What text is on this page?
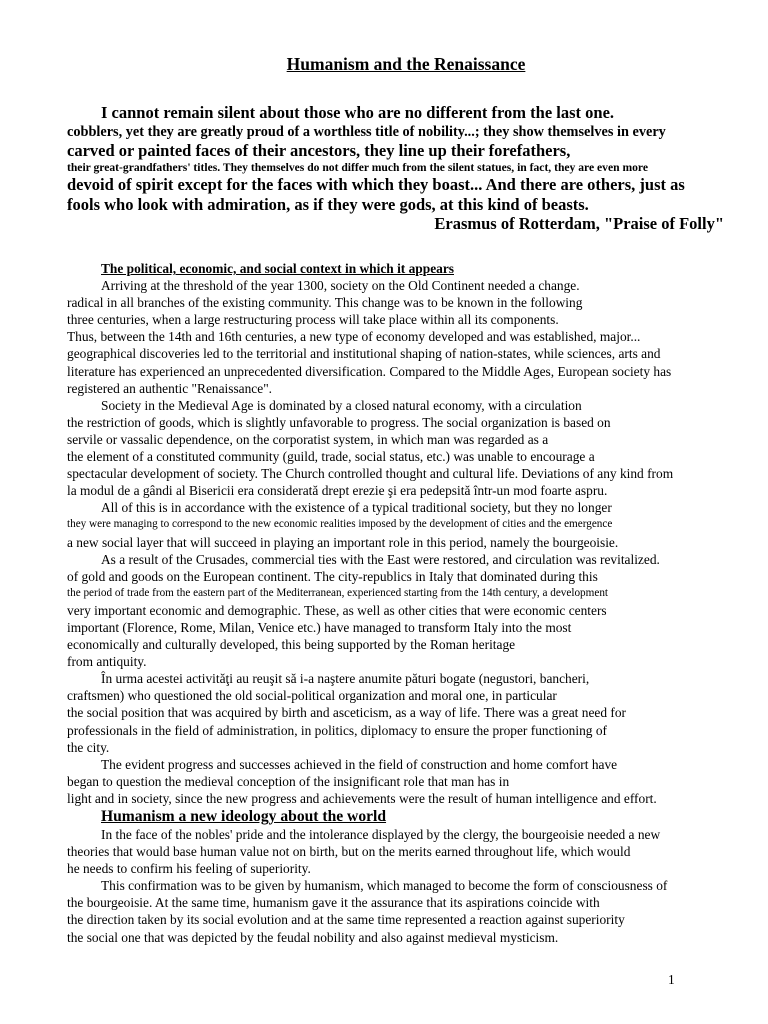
Humanism and the Renaissance
I cannot remain silent about those who are no different from the last one.
cobblers, yet they are greatly proud of a worthless title of nobility...; they show themselves in every
carved or painted faces of their ancestors, they line up their forefathers,
their great-grandfathers' titles. They themselves do not differ much from the silent statues, in fact, they are even more
devoid of spirit except for the faces with which they boast... And there are others, just as
fools who look with admiration, as if they were gods, at this kind of beasts.
Erasmus of Rotterdam, "Praise of Folly"
The political, economic, and social context in which it appears
Arriving at the threshold of the year 1300, society on the Old Continent needed a change.
radical in all branches of the existing community. This change was to be known in the following
three centuries, when a large restructuring process will take place within all its components.
Thus, between the 14th and 16th centuries, a new type of economy developed and was established, major...
geographical discoveries led to the territorial and institutional shaping of nation-states, while sciences, arts and
literature has experienced an unprecedented diversification. Compared to the Middle Ages, European society has
registered an authentic "Renaissance".
Society in the Medieval Age is dominated by a closed natural economy, with a circulation
the restriction of goods, which is slightly unfavorable to progress. The social organization is based on
servile or vassalic dependence, on the corporatist system, in which man was regarded as a
the element of a constituted community (guild, trade, social status, etc.) was unable to encourage a
spectacular development of society. The Church controlled thought and cultural life. Deviations of any kind from
la modul de a gândi al Bisericii era considerată drept erezie şi era pedepsită într-un mod foarte aspru.
All of this is in accordance with the existence of a typical traditional society, but they no longer
they were managing to correspond to the new economic realities imposed by the development of cities and the emergence
a new social layer that will succeed in playing an important role in this period, namely the bourgeoisie.
As a result of the Crusades, commercial ties with the East were restored, and circulation was revitalized.
of gold and goods on the European continent. The city-republics in Italy that dominated during this
the period of trade from the eastern part of the Mediterranean, experienced starting from the 14th century, a development
very important economic and demographic. These, as well as other cities that were economic centers
important (Florence, Rome, Milan, Venice etc.) have managed to transform Italy into the most
economically and culturally developed, this being supported by the Roman heritage
from antiquity.
În urma acestei activităţi au reuşit să i-a naştere anumite pături bogate (negustori, bancheri,
craftsmen) who questioned the old social-political organization and moral one, in particular
the social position that was acquired by birth and asceticism, as a way of life. There was a great need for
professionals in the field of administration, in politics, diplomacy to ensure the proper functioning of
the city.
The evident progress and successes achieved in the field of construction and home comfort have
began to question the medieval conception of the insignificant role that man has in
light and in society, since the new progress and achievements were the result of human intelligence and effort.
Humanism a new ideology about the world
In the face of the nobles' pride and the intolerance displayed by the clergy, the bourgeoisie needed a new
theories that would base human value not on birth, but on the merits earned throughout life, which would
he needs to confirm his feeling of superiority.
This confirmation was to be given by humanism, which managed to become the form of consciousness of
the bourgeoisie. At the same time, humanism gave it the assurance that its aspirations coincide with
the direction taken by its social evolution and at the same time represented a reaction against superiority
the social one that was depicted by the feudal nobility and also against medieval mysticism.
1
